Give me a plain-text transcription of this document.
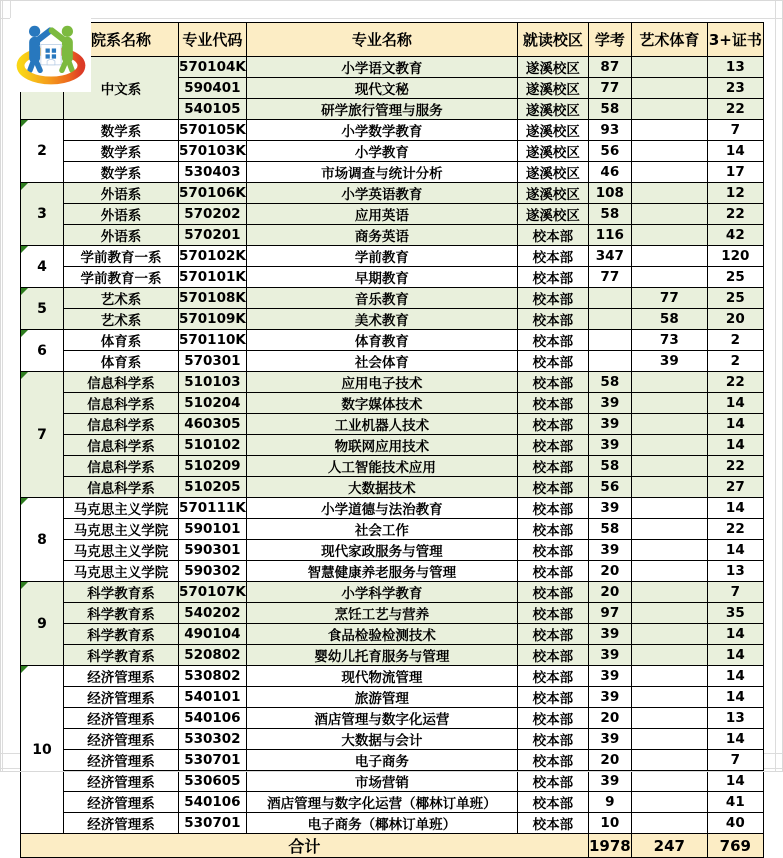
	院系名称	专业代码	专业名称	就读校区	学考	艺术体育	3+证书

	中文系	570104K	小学语文教育	遂溪校区	87		13
		590401	现代文秘	遂溪校区	77		23
		540105	研学旅行管理与服务	遂溪校区	58		22

2	数学系	570105K	小学数学教育	遂溪校区	93		7
	数学系	570103K	小学教育	遂溪校区	56		14
	数学系	530403	市场调查与统计分析	遂溪校区	46		17

3	外语系	570106K	小学英语教育	遂溪校区	108		12
	外语系	570202	应用英语	遂溪校区	58		22
	外语系	570201	商务英语	校本部	116		42

4	学前教育一系	570102K	学前教育	校本部	347		120
	学前教育一系	570101K	早期教育	校本部	77		25

5	艺术系	570108K	音乐教育	校本部		77	25
	艺术系	570109K	美术教育	校本部		58	20

6	体育系	570110K	体育教育	校本部		73	2
	体育系	570301	社会体育	校本部		39	2

7	信息科学系	510103	应用电子技术	校本部	58		22
	信息科学系	510204	数字媒体技术	校本部	39		14
	信息科学系	460305	工业机器人技术	校本部	39		14
	信息科学系	510102	物联网应用技术	校本部	39		14
	信息科学系	510209	人工智能技术应用	校本部	58		22
	信息科学系	510205	大数据技术	校本部	56		27

8	马克思主义学院	570111K	小学道德与法治教育	校本部	39		14
	马克思主义学院	590101	社会工作	校本部	58		22
	马克思主义学院	590301	现代家政服务与管理	校本部	39		14
	马克思主义学院	590302	智慧健康养老服务与管理	校本部	20		13

9	科学教育系	570107K	小学科学教育	校本部	20		7
	科学教育系	540202	烹饪工艺与营养	校本部	97		35
	科学教育系	490104	食品检验检测技术	校本部	39		14
	科学教育系	520802	婴幼儿托育服务与管理	校本部	39		14

10	经济管理系	530802	现代物流管理	校本部	39		14
	经济管理系	540101	旅游管理	校本部	39		14
	经济管理系	540106	酒店管理与数字化运营	校本部	20		13
	经济管理系	530302	大数据与会计	校本部	39		14
	经济管理系	530701	电子商务	校本部	20		7
	经济管理系	530605	市场营销	校本部	39		14
	经济管理系	540106	酒店管理与数字化运营（椰林订单班）	校本部	9		41
	经济管理系	530701	电子商务（椰林订单班）	校本部	10		40
合计					1978	247	769
